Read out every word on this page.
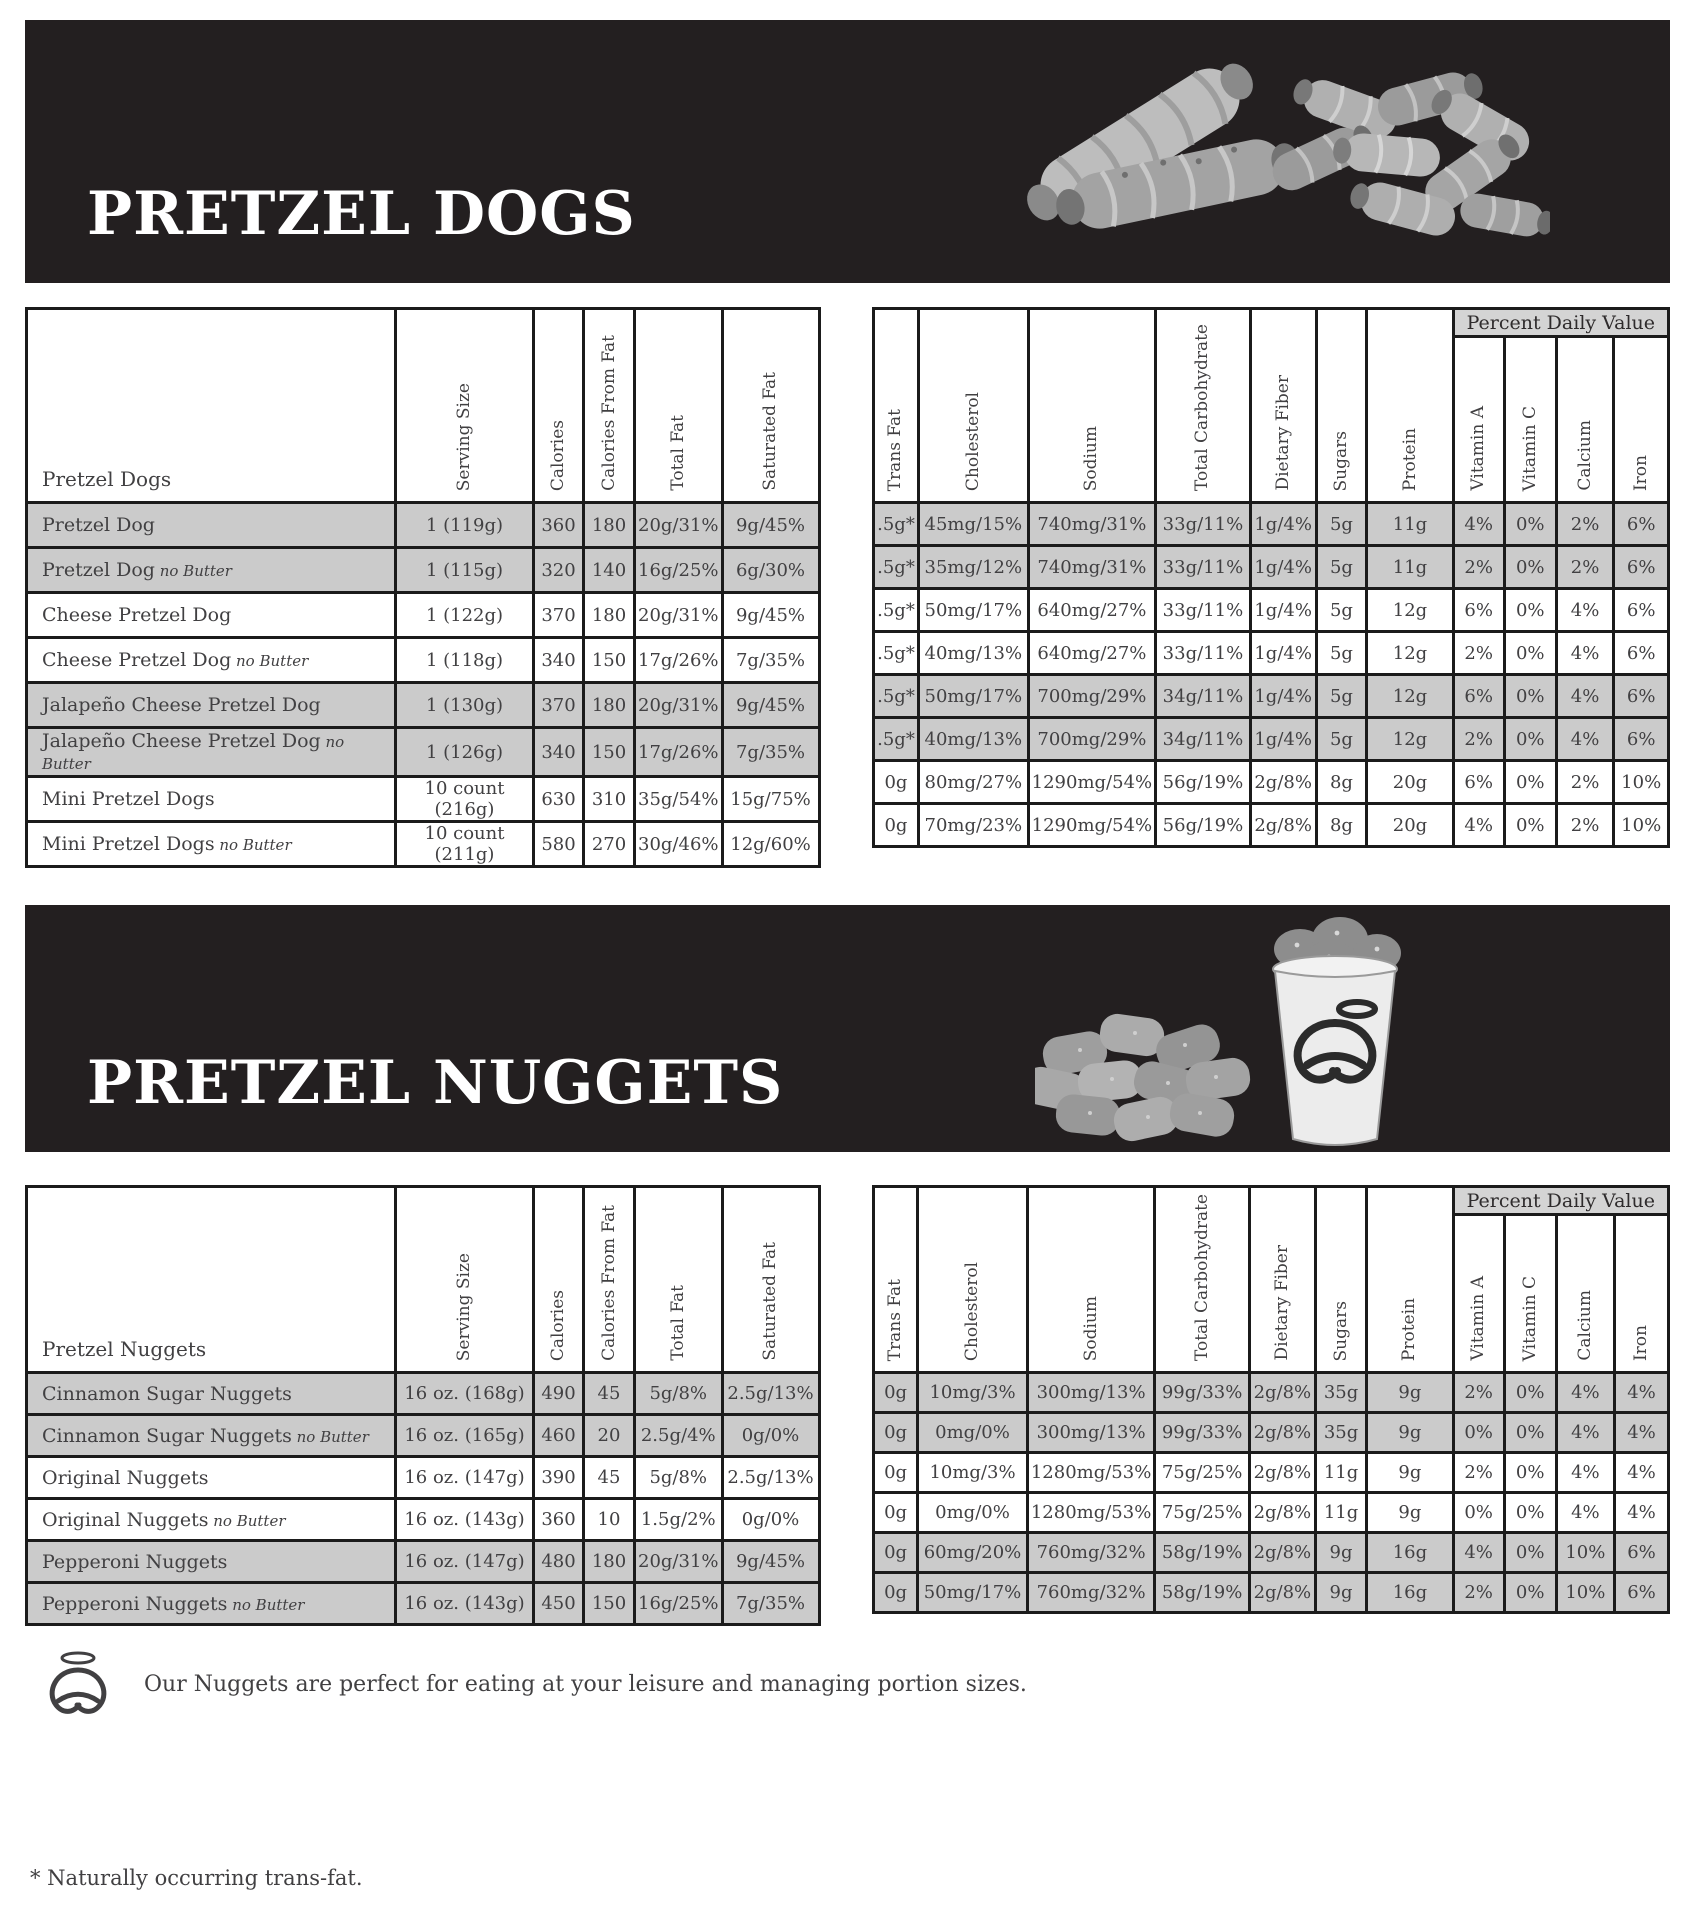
PRETZEL DOGS
Pretzel Dogs	Serving Size	Calories	Calories From Fat	Total Fat	Saturated Fat

Pretzel Dog	1 (119g)	360	180	20g/31%	9g/45%
Pretzel Dog no Butter	1 (115g)	320	140	16g/25%	6g/30%
Cheese Pretzel Dog	1 (122g)	370	180	20g/31%	9g/45%
Cheese Pretzel Dog no Butter	1 (118g)	340	150	17g/26%	7g/35%
Jalapeño Cheese Pretzel Dog	1 (130g)	370	180	20g/31%	9g/45%
Jalapeño Cheese Pretzel Dog no Butter	1 (126g)	340	150	17g/26%	7g/35%
Mini Pretzel Dogs	10 count (216g)	630	310	35g/54%	15g/75%
Mini Pretzel Dogs no Butter	10 count (211g)	580	270	30g/46%	12g/60%
Trans Fat	Cholesterol	Sodium	Total Carbohydrate	Dietary Fiber	Sugars	Protein	Percent Daily Value			

							Vitamin A	Vitamin C	Calcium	Iron

.5g*	45mg/15%	740mg/31%	33g/11%	1g/4%	5g	11g	4%	0%	2%	6%
.5g*	35mg/12%	740mg/31%	33g/11%	1g/4%	5g	11g	2%	0%	2%	6%
.5g*	50mg/17%	640mg/27%	33g/11%	1g/4%	5g	12g	6%	0%	4%	6%
.5g*	40mg/13%	640mg/27%	33g/11%	1g/4%	5g	12g	2%	0%	4%	6%
.5g*	50mg/17%	700mg/29%	34g/11%	1g/4%	5g	12g	6%	0%	4%	6%
.5g*	40mg/13%	700mg/29%	34g/11%	1g/4%	5g	12g	2%	0%	4%	6%
0g	80mg/27%	1290mg/54%	56g/19%	2g/8%	8g	20g	6%	0%	2%	10%
0g	70mg/23%	1290mg/54%	56g/19%	2g/8%	8g	20g	4%	0%	2%	10%
PRETZEL NUGGETS
Pretzel Nuggets	Serving Size	Calories	Calories From Fat	Total Fat	Saturated Fat

Cinnamon Sugar Nuggets	16 oz. (168g)	490	45	5g/8%	2.5g/13%
Cinnamon Sugar Nuggets no Butter	16 oz. (165g)	460	20	2.5g/4%	0g/0%
Original Nuggets	16 oz. (147g)	390	45	5g/8%	2.5g/13%
Original Nuggets no Butter	16 oz. (143g)	360	10	1.5g/2%	0g/0%
Pepperoni Nuggets	16 oz. (147g)	480	180	20g/31%	9g/45%
Pepperoni Nuggets no Butter	16 oz. (143g)	450	150	16g/25%	7g/35%
Trans Fat	Cholesterol	Sodium	Total Carbohydrate	Dietary Fiber	Sugars	Protein	Percent Daily Value			

							Vitamin A	Vitamin C	Calcium	Iron

0g	10mg/3%	300mg/13%	99g/33%	2g/8%	35g	9g	2%	0%	4%	4%
0g	0mg/0%	300mg/13%	99g/33%	2g/8%	35g	9g	0%	0%	4%	4%
0g	10mg/3%	1280mg/53%	75g/25%	2g/8%	11g	9g	2%	0%	4%	4%
0g	0mg/0%	1280mg/53%	75g/25%	2g/8%	11g	9g	0%	0%	4%	4%
0g	60mg/20%	760mg/32%	58g/19%	2g/8%	9g	16g	4%	0%	10%	6%
0g	50mg/17%	760mg/32%	58g/19%	2g/8%	9g	16g	2%	0%	10%	6%
Our Nuggets are perfect for eating at your leisure and managing portion sizes.
* Naturally occurring trans-fat.
